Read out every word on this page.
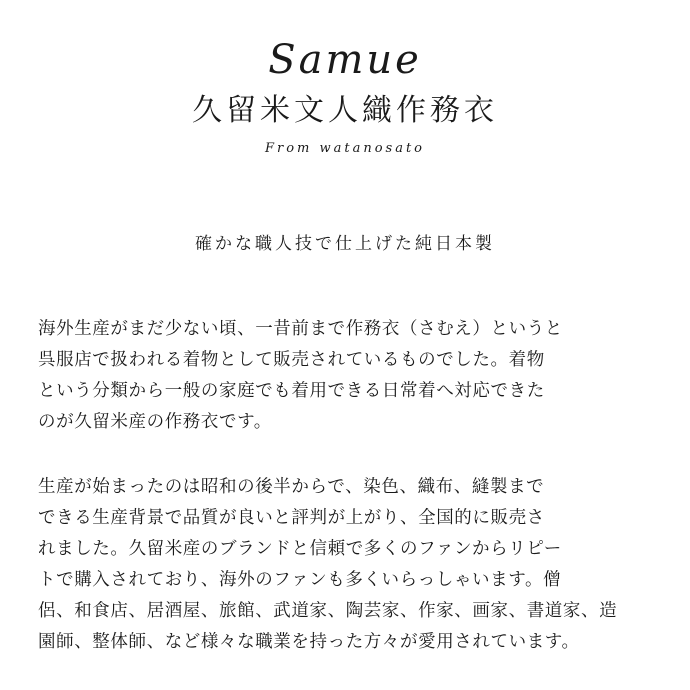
Samue
久留米文人織作務衣
From watanosato
確かな職人技で仕上げた純日本製

海外生産がまだ少ない頃、一昔前まで作務衣（さむえ）というと
呉服店で扱われる着物として販売されているものでした。着物
という分類から一般の家庭でも着用できる日常着へ対応できた
のが久留米産の作務衣です。

生産が始まったのは昭和の後半からで、染色、織布、縫製まで
できる生産背景で品質が良いと評判が上がり、全国的に販売さ
れました。久留米産のブランドと信頼で多くのファンからリピー
トで購入されており、海外のファンも多くいらっしゃいます。僧
侶、和食店、居酒屋、旅館、武道家、陶芸家、作家、画家、書道家、造
園師、整体師、など様々な職業を持った方々が愛用されています。
